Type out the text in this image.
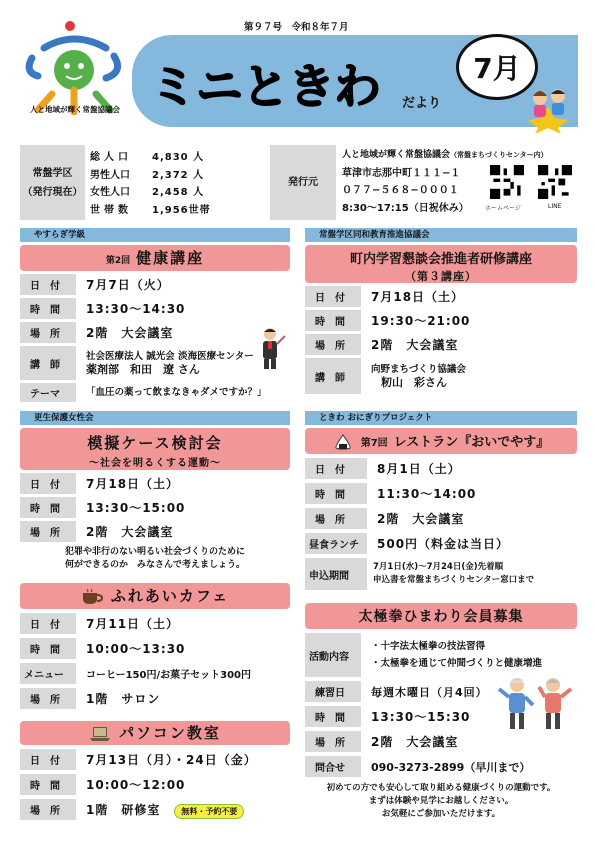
人と地域が輝く常盤協議会
第９７号　令和８年７月
ミニときわ だより
7月
常盤学区
（発行現在）
総人口	4,830 人
男性人口	2,372 人
女性人口	2,458 人
世帯数	1,956世帯
発行元
人と地域が輝く常盤協議会（常盤まちづくりセンター内）
草津市志那中町１１１−１
０７７−５６８−０００１
8:30〜17:15（日祝休み）	ホームページ	LINE
やすらぎ学級
第2回 健康講座
日　付	7月7日（火）
時　間	13:30〜14:30
場　所	2階　大会議室
講　師
社会医療法人 誠光会 淡海医療センター
薬剤部　和田　遼 さん
テーマ	「血圧の薬って飲まなきゃダメですか？」
常盤学区同和教育推進協議会
町内学習懇談会推進者研修講座
（第３講座）
日　付	7月18日（土）
時　間	19:30〜21:00
場　所	2階　大会議室
講　師
向野まちづくり協議会
籾山　彩さん
更生保護女性会
模擬ケース検討会
〜社会を明るくする運動〜
日　付	7月18日（土）
時　間	13:30〜15:00
場　所	2階　大会議室
犯罪や非行のない明るい社会づくりのために
何ができるのか　みなさんで考えましょう。
ふれあいカフェ
日　付	7月11日（土）
時　間	10:00〜13:30
メニュー	コーヒー150円/お菓子セット300円
場　所	1階　サロン
パソコン教室
日　付	7月13日（月）・24日（金）
時　間	10:00〜12:00
場　所	1階　研修室	無料・予約不要
ときわ おにぎりプロジェクト
第7回 レストラン『おいでやす』
日　付	8月1日（土）
時　間	11:30〜14:00
場　所	2階　大会議室
昼食ランチ	500円（料金は当日）
申込期間
7月1日(水)〜7月24日(金)先着順
申込書を常盤まちづくりセンター窓口まで
太極拳ひまわり会員募集
活動内容
・十字法太極拳の技法習得
・太極拳を通じて仲間づくりと健康増進
練習日	毎週木曜日（月4回）
時　間	13:30〜15:30
場　所	2階　大会議室
問合せ	090-3273-2899（早川まで）
初めての方でも安心して取り組める健康づくりの運動です。
まずは体験や見学にお越しください。
お気軽にご参加いただけます。
